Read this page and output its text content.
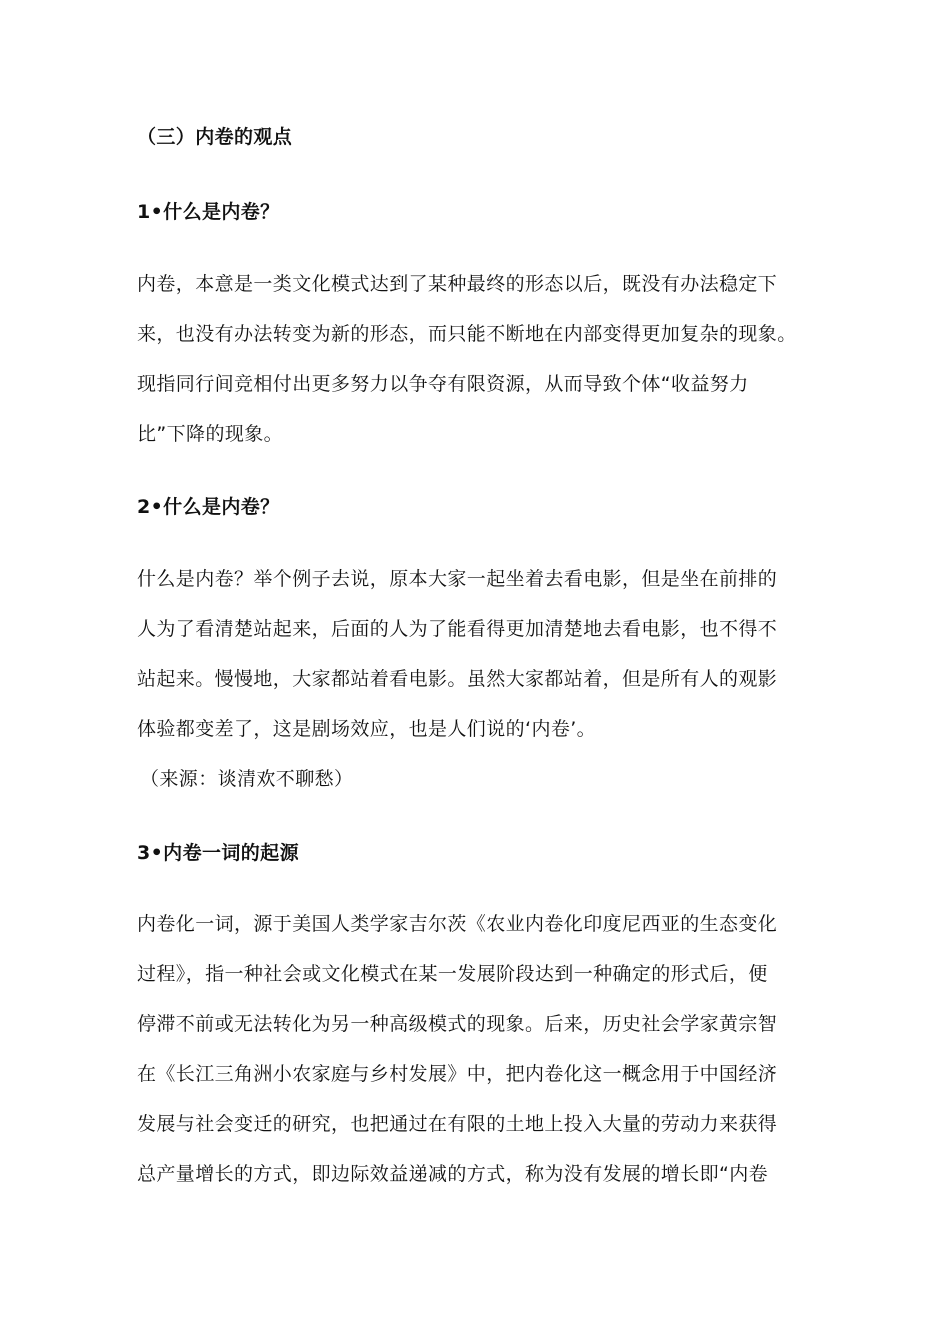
（三）内卷的观点
1•什么是内卷？
内卷，本意是一类文化模式达到了某种最终的形态以后，既没有办法稳定下
来，也没有办法转变为新的形态，而只能不断地在内部变得更加复杂的现象。
现指同行间竞相付出更多努力以争夺有限资源，从而导致个体“收益努力
比”下降的现象。
2•什么是内卷？
什么是内卷？举个例子去说，原本大家一起坐着去看电影，但是坐在前排的
人为了看清楚站起来，后面的人为了能看得更加清楚地去看电影，也不得不
站起来。慢慢地，大家都站着看电影。虽然大家都站着，但是所有人的观影
体验都变差了，这是剧场效应，也是人们说的‘内卷’。
（来源：谈清欢不聊愁）
3•内卷一词的起源
内卷化一词，源于美国人类学家吉尔茨《农业内卷化印度尼西亚的生态变化
过程》，指一种社会或文化模式在某一发展阶段达到一种确定的形式后，便
停滞不前或无法转化为另一种高级模式的现象。后来，历史社会学家黄宗智
在《长江三角洲小农家庭与乡村发展》中，把内卷化这一概念用于中国经济
发展与社会变迁的研究，也把通过在有限的土地上投入大量的劳动力来获得
总产量增长的方式，即边际效益递减的方式，称为没有发展的增长即“内卷
